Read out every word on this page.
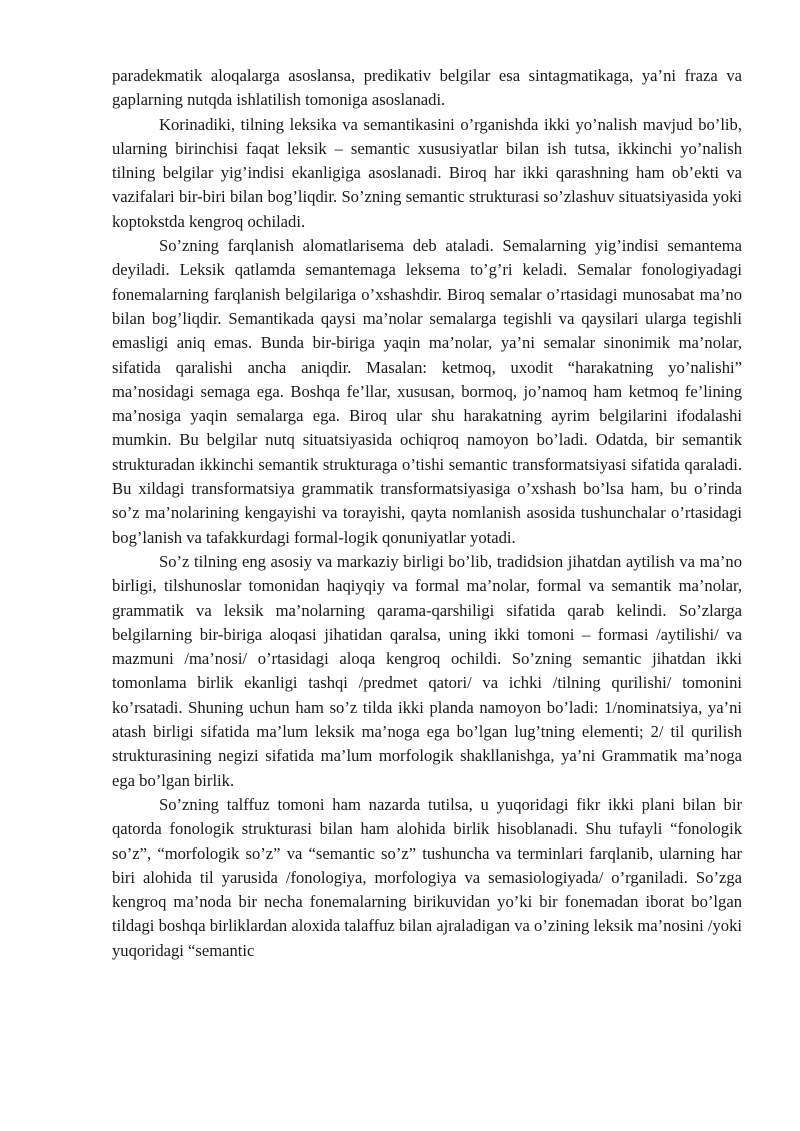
paradekmatik aloqalarga asoslansa, predikativ belgilar esa sintagmatikaga, ya’ni fraza va gaplarning nutqda ishlatilish tomoniga asoslanadi.

Korinadiki, tilning leksika va semantikasini o’rganishda ikki yo’nalish mavjud bo’lib, ularning birinchisi faqat leksik – semantic xususiyatlar bilan ish tutsa, ikkinchi yo’nalish tilning belgilar yig’indisi ekanligiga asoslanadi. Biroq har ikki qarashning ham ob’ekti va vazifalari bir-biri bilan bog’liqdir. So’zning semantic strukturasi so’zlashuv situatsiyasida yoki koptokstda kengroq ochiladi.

So’zning farqlanish alomatlarisema deb ataladi. Semalarning yig’indisi semantema deyiladi. Leksik qatlamda semantemaga leksema to’g’ri keladi. Semalar fonologiyadagi fonemalarning farqlanish belgilariga o’xshashdir. Biroq semalar o’rtasidagi munosabat ma’no bilan bog’liqdir. Semantikada qaysi ma’nolar semalarga tegishli va qaysilari ularga tegishli emasligi aniq emas. Bunda bir-biriga yaqin ma’nolar, ya’ni semalar sinonimik ma’nolar, sifatida qaralishi ancha aniqdir. Masalan: ketmoq, uxodit “harakatning yo’nalishi” ma’nosidagi semaga ega. Boshqa fe’llar, xususan, bormoq, jo’namoq ham ketmoq fe’lining ma’nosiga yaqin semalarga ega. Biroq ular shu harakatning ayrim belgilarini ifodalashi mumkin. Bu belgilar nutq situatsiyasida ochiqroq namoyon bo’ladi. Odatda, bir semantik strukturadan ikkinchi semantik strukturaga o’tishi semantic transformatsiyasi sifatida qaraladi. Bu xildagi transformatsiya grammatik transformatsiyasiga o’xshash bo’lsa ham, bu o’rinda so’z ma’nolarining kengayishi va torayishi, qayta nomlanish asosida tushunchalar o’rtasidagi bog’lanish va tafakkurdagi formal-logik qonuniyatlar yotadi.

So’z tilning eng asosiy va markaziy birligi bo’lib, tradidsion jihatdan aytilish va ma’no birligi, tilshunoslar tomonidan haqiyqiy va formal ma’nolar, formal va semantik ma’nolar, grammatik va leksik ma’nolarning qarama-qarshiligi sifatida qarab kelindi. So’zlarga belgilarning bir-biriga aloqasi jihatidan qaralsa, uning ikki tomoni – formasi /aytilishi/ va mazmuni /ma’nosi/ o’rtasidagi aloqa kengroq ochildi. So’zning semantic jihatdan ikki tomonlama birlik ekanligi tashqi /predmet qatori/ va ichki /tilning qurilishi/ tomonini ko’rsatadi. Shuning uchun ham so’z tilda ikki planda namoyon bo’ladi: 1/nominatsiya, ya’ni atash birligi sifatida ma’lum leksik ma’noga ega bo’lgan lug’tning elementi; 2/ til qurilish strukturasining negizi sifatida ma’lum morfologik shakllanishga, ya’ni Grammatik ma’noga ega bo’lgan birlik.

So’zning talffuz tomoni ham nazarda tutilsa, u yuqoridagi fikr ikki plani bilan bir qatorda fonologik strukturasi bilan ham alohida birlik hisoblanadi. Shu tufayli “fonologik so’z”, “morfologik so’z” va “semantic so’z” tushuncha va terminlari farqlanib, ularning har biri alohida til yarusida /fonologiya, morfologiya va semasiologiyada/ o’rganiladi. So’zga kengroq ma’noda bir necha fonemalarning birikuvidan yo’ki bir fonemadan iborat bo’lgan tildagi boshqa birliklardan aloxida talaffuz bilan ajraladigan va o’zining leksik ma’nosini /yoki yuqoridagi “semantic
